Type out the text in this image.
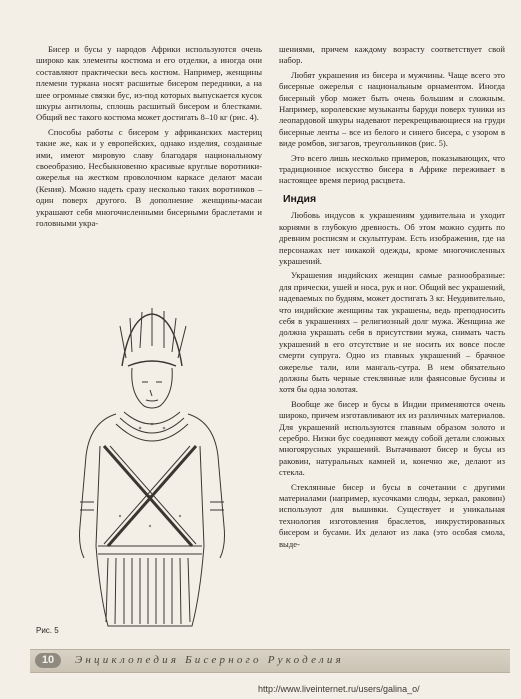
Бисер и бусы у народов Африки используются очень широко как элементы костюма и его отделки, а иногда они составляют практически весь костюм. Например, женщины племени туркана носят расшитые бисером передники, а на шее огромные связки бус, из-под которых выпускается кусок шкуры антилопы, сплошь расшитый бисером и блестками. Общий вес такого костюма может достигать 8–10 кг (рис. 4).

Способы работы с бисером у африканских мастериц такие же, как и у европейских, однако изделия, созданные ими, имеют мировую славу благодаря национальному своеобразию. Несбыкновенно красивые круглые воротники-ожерелья на жестком проволочном каркасе делают масаи (Кения). Можно надеть сразу несколько таких воротников – один поверх другого. В дополнение женщины-масаи украшают себя многочисленными бисерными браслетами и головными укра-

Рис. 5

шениями, причем каждому возрасту соответствует свой набор.

Любят украшения из бисера и мужчины. Чаще всего это бисерные ожерелья с национальным орнаментом. Иногда бисерный убор может быть очень большим и сложным. Например, королевские музыканты баруди поверх туники из леопардовой шкуры надевают перекрещивающиеся на груди бисерные ленты – все из белого и синего бисера, с узором в виде ромбов, зигзагов, треугольников (рис. 5).

Это всего лишь несколько примеров, показывающих, что традиционное искусство бисера в Африке переживает в настоящее время период расцвета.

Индия

Любовь индусов к украшениям удивительна и уходит корнями в глубокую древность. Об этом можно судить по древним росписям и скульптурам. Есть изображения, где на персонажах нет никакой одежды, кроме многочисленных украшений.

Украшения индийских женщин самые разнообразные: для прически, ушей и носа, рук и ног. Общий вес украшений, надеваемых по будням, может достигать 3 кг. Неудивительно, что индийские женщины так украшены, ведь преподносить себя в украшениях – религиозный долг мужа. Женщина же должна украшать себя в присутствии мужа, снимать часть украшений в его отсутствие и не носить их вовсе после смерти супруга. Одно из главных украшений – брачное ожерелье тали, или мангаль-сутра. В нем обязательно должны быть черные стеклянные или фаянсовые бусины и хотя бы одна золотая.

Вообще же бисер и бусы в Индии применяются очень широко, причем изготавливают их из различных материалов. Для украшений используются главным образом золото и серебро. Низки бус соединяют между собой детали сложных многоярусных украшений. Вытачивают бисер и бусы из раковин, натуральных камней и, конечно же, делают из стекла.

Стеклянные бисер и бусы в сочетании с другими материалами (например, кусочками слюды, зеркал, раковин) используют для вышивки. Существует и уникальная технология изготовления браслетов, инкрустированных бисером и бусами. Их делают из лака (это особая смола, выде-

10	Энциклопедия Бисерного Рукоделия
http://www.liveinternet.ru/users/galina_o/
